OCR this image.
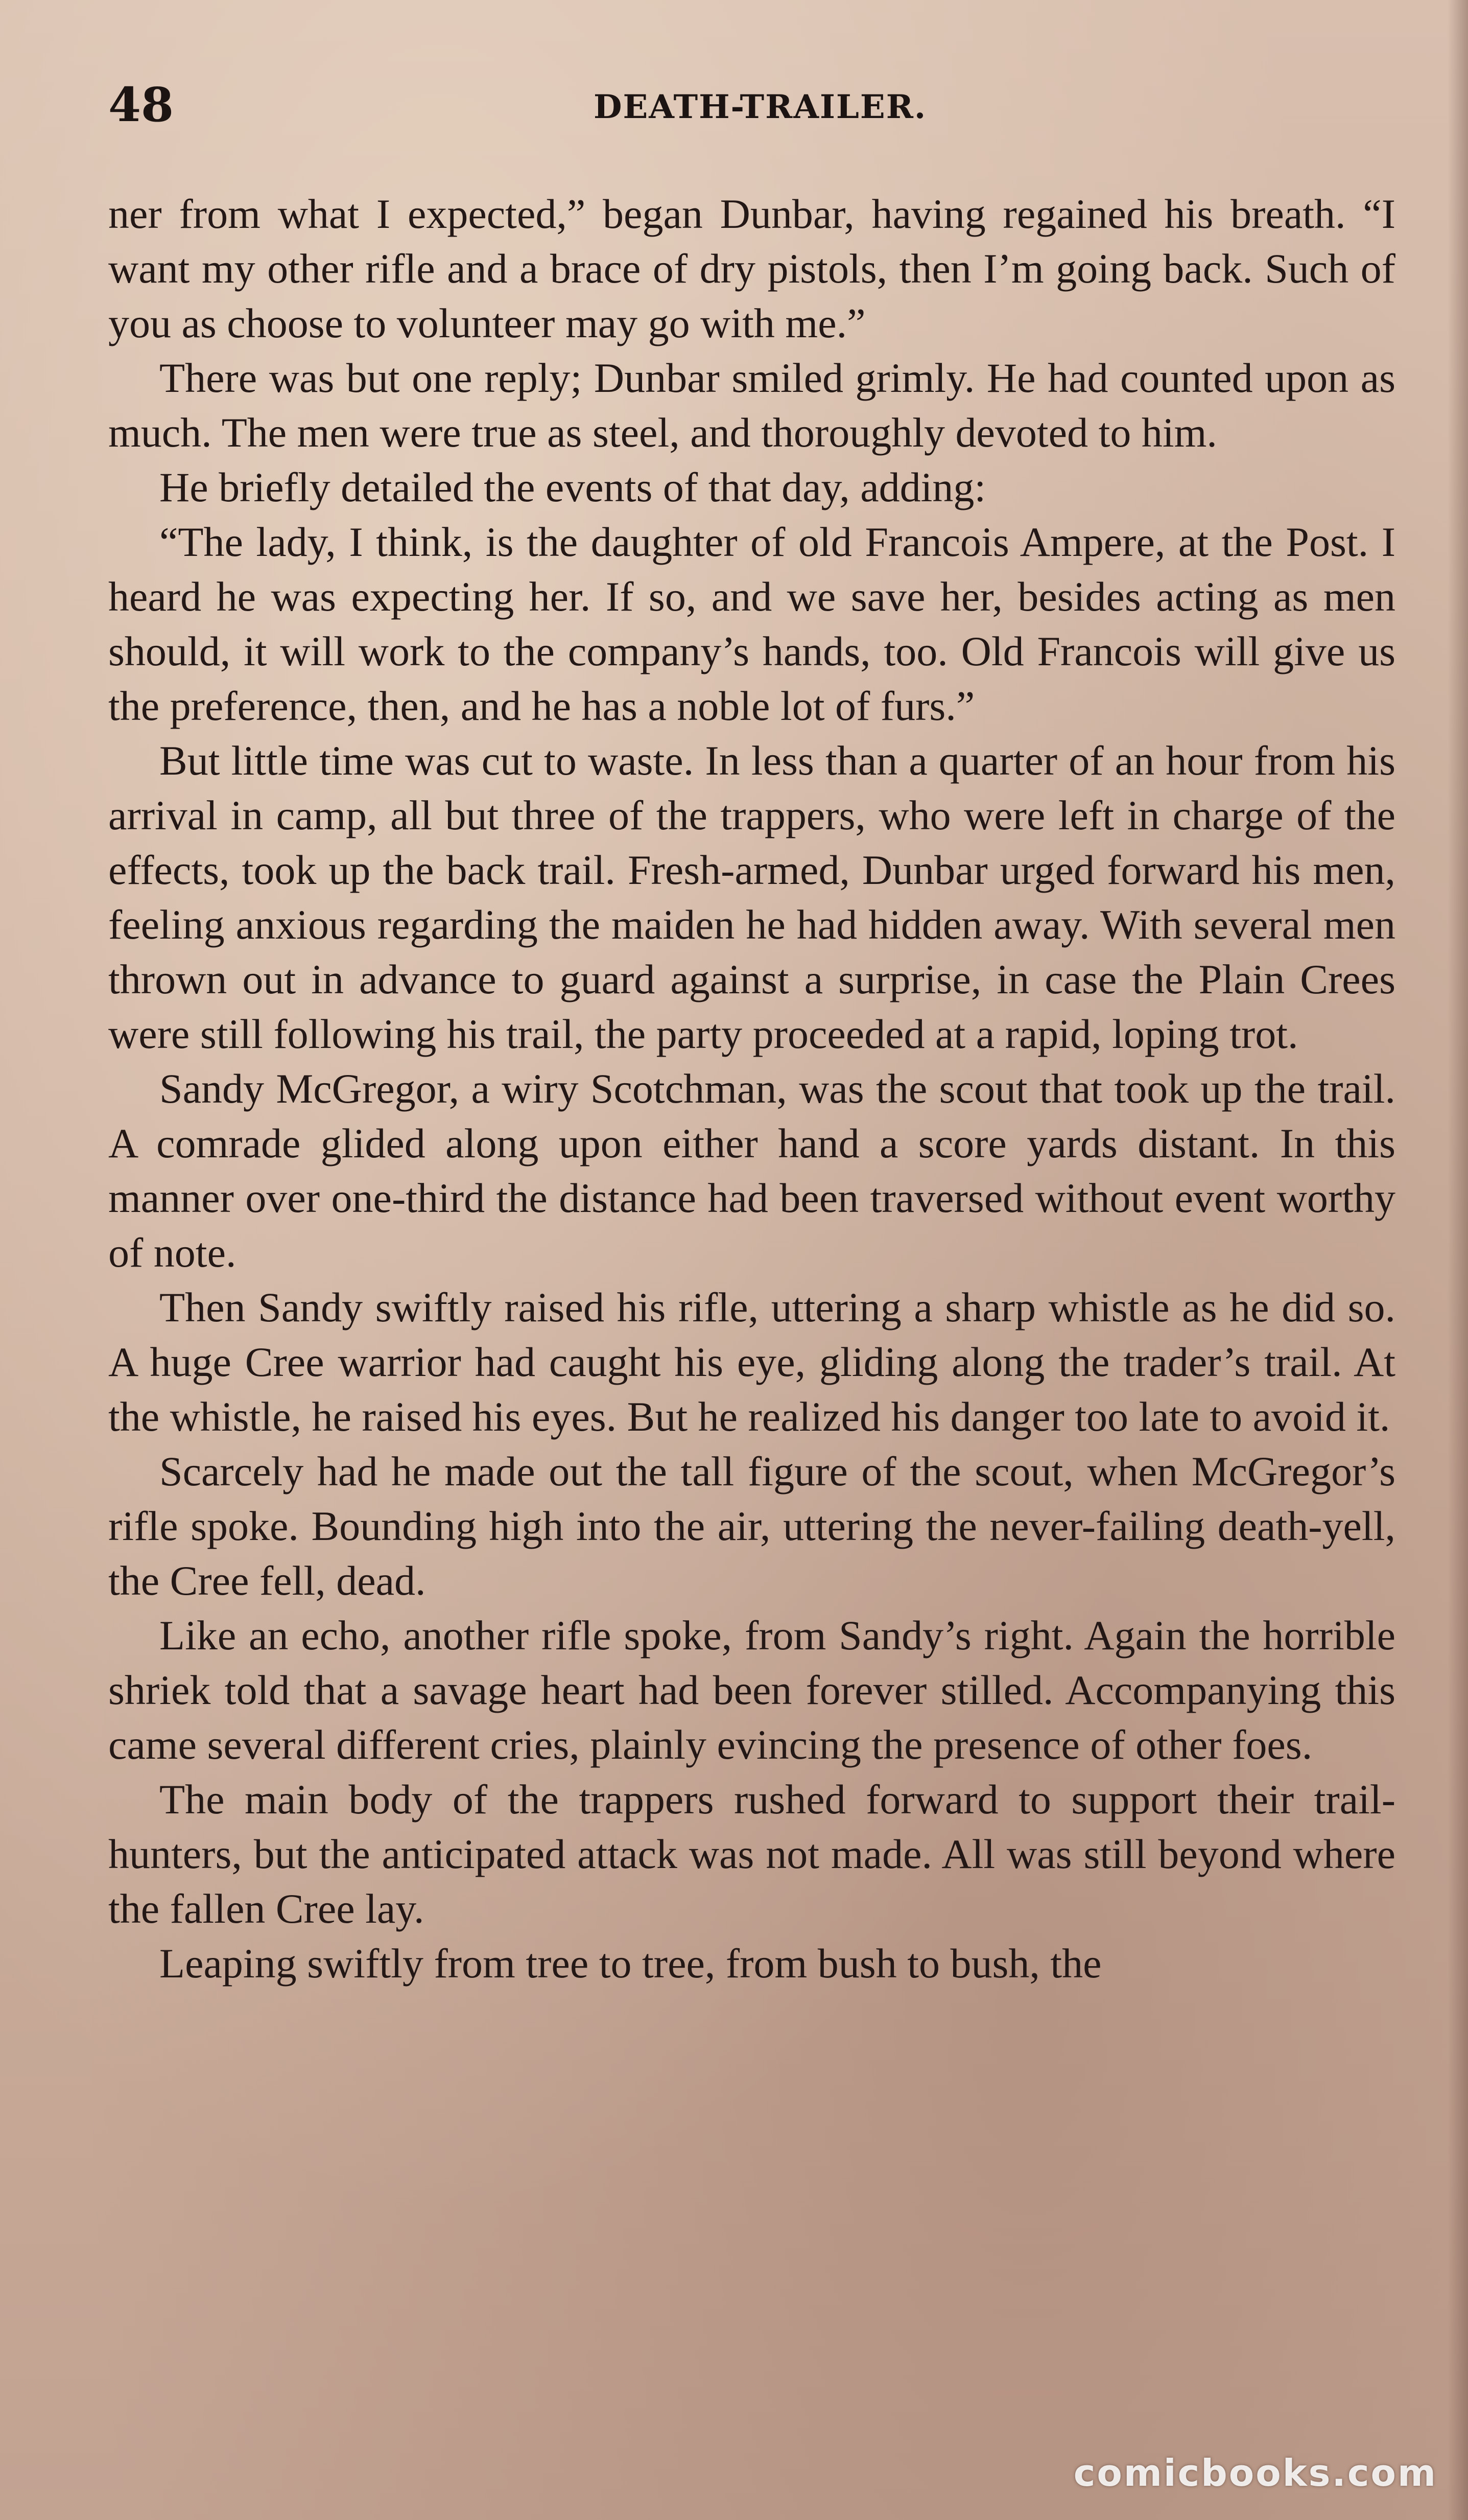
48	DEATH-TRAILER.

ner from what I expected,” began Dunbar, having regained his breath. “I want my other rifle and a brace of dry pistols, then I’m going back. Such of you as choose to volunteer may go with me.”

There was but one reply; Dunbar smiled grimly. He had counted upon as much. The men were true as steel, and thoroughly devoted to him.

He briefly detailed the events of that day, adding:

“The lady, I think, is the daughter of old Francois Ampere, at the Post. I heard he was expecting her. If so, and we save her, besides acting as men should, it will work to the company’s hands, too. Old Francois will give us the preference, then, and he has a noble lot of furs.”

But little time was cut to waste. In less than a quarter of an hour from his arrival in camp, all but three of the trappers, who were left in charge of the effects, took up the back trail. Fresh-armed, Dunbar urged forward his men, feeling anxious regarding the maiden he had hidden away. With several men thrown out in advance to guard against a surprise, in case the Plain Crees were still following his trail, the party proceeded at a rapid, loping trot.

Sandy McGregor, a wiry Scotchman, was the scout that took up the trail. A comrade glided along upon either hand a score yards distant. In this manner over one-third the distance had been traversed without event worthy of note.

Then Sandy swiftly raised his rifle, uttering a sharp whistle as he did so. A huge Cree warrior had caught his eye, gliding along the trader’s trail. At the whistle, he raised his eyes. But he realized his danger too late to avoid it.

Scarcely had he made out the tall figure of the scout, when McGregor’s rifle spoke. Bounding high into the air, uttering the never-failing death-yell, the Cree fell, dead.

Like an echo, another rifle spoke, from Sandy’s right. Again the horrible shriek told that a savage heart had been forever stilled. Accompanying this came several different cries, plainly evincing the presence of other foes.

The main body of the trappers rushed forward to support their trail-hunters, but the anticipated attack was not made. All was still beyond where the fallen Cree lay.

Leaping swiftly from tree to tree, from bush to bush, the

comicbooks.com
